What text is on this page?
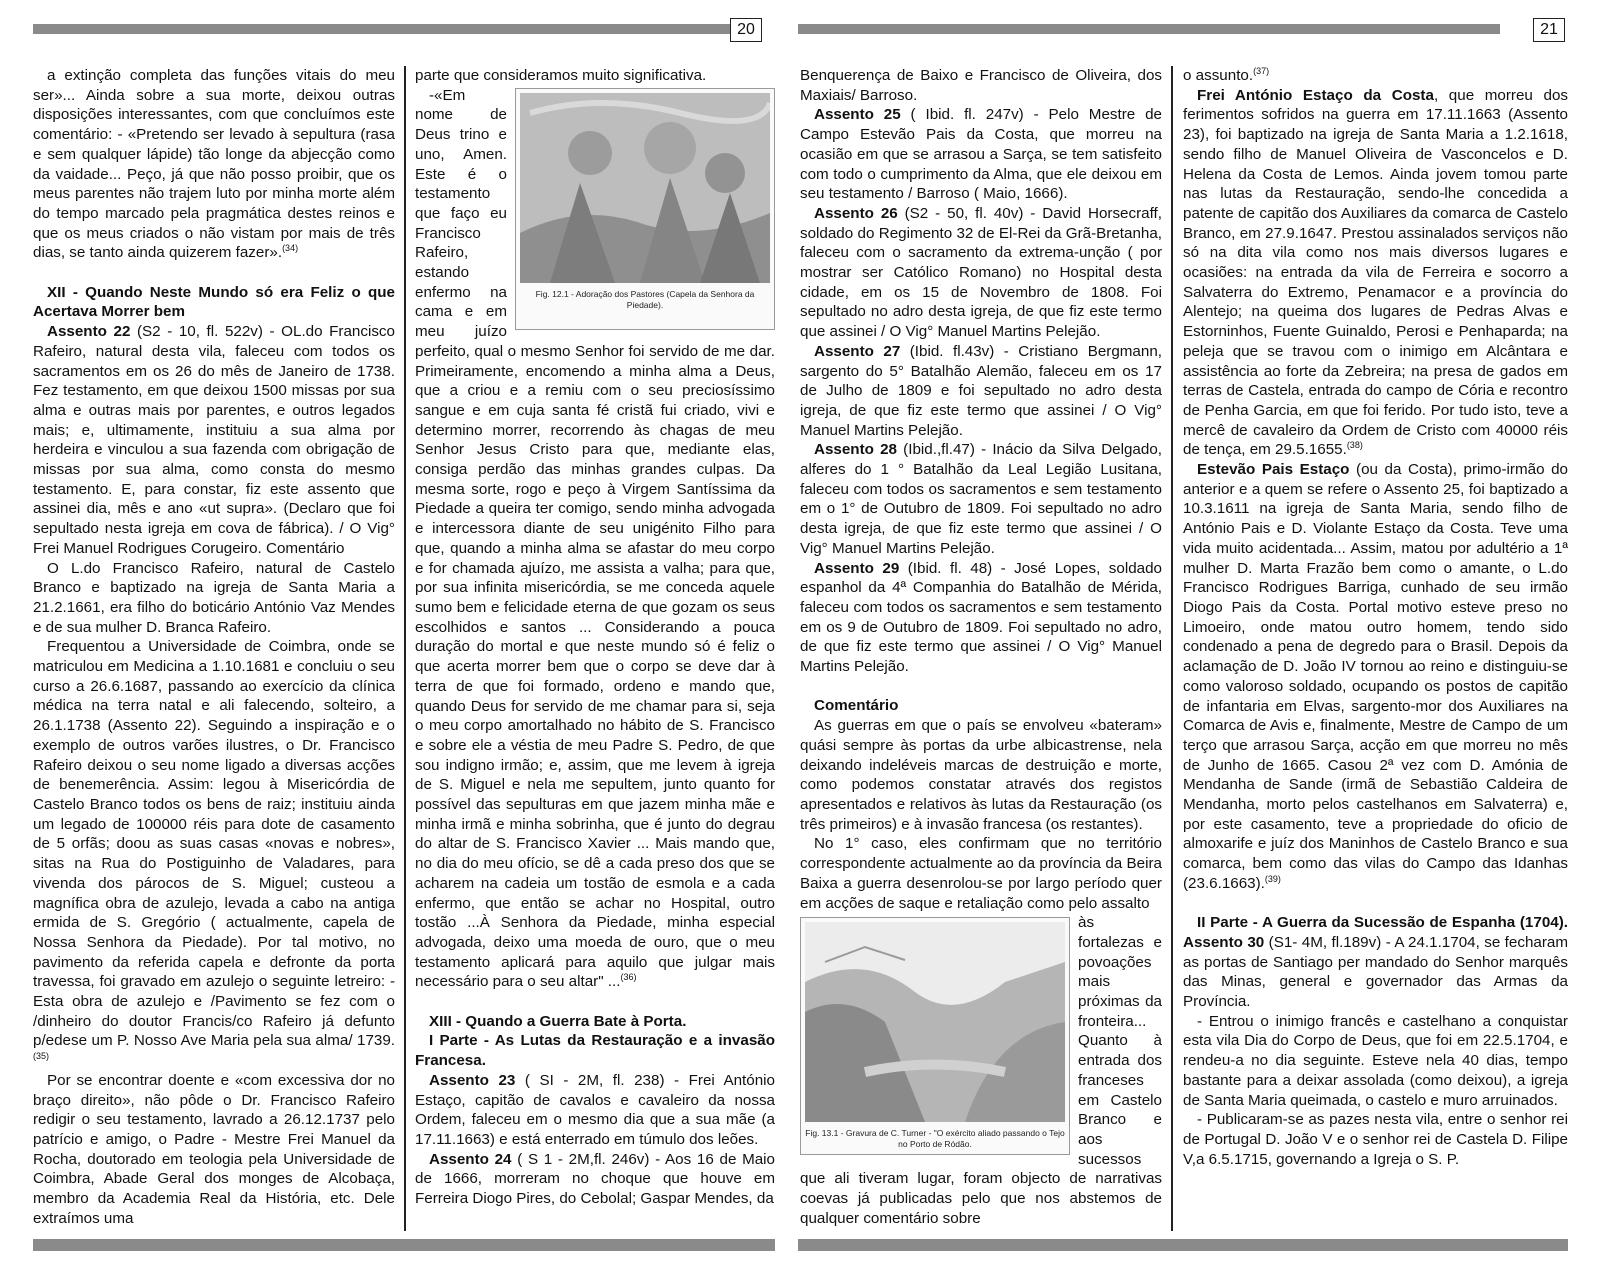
20

a extinção completa das funções vitais do meu ser»... Ainda sobre a sua morte, deixou outras disposições interessantes, com que concluímos este comentário: - «Pretendo ser levado à sepultura (rasa e sem qualquer lápide) tão longe da abjecção como da vaidade... Peço, já que não posso proibir, que os meus parentes não trajem luto por minha morte além do tempo marcado pela pragmática destes reinos e que os meus criados o não vistam por mais de três dias, se tanto ainda quizerem fazer».$^{(34)}$

XII - Quando Neste Mundo só era Feliz o que Acertava Morrer bem

Assento 22 (S2 - 10, fl. 522v) - OL.do Francisco Rafeiro, natural desta vila, faleceu com todos os sacramentos em os 26 do mês de Janeiro de 1738. Fez testamento, em que deixou 1500 missas por sua alma e outras mais por parentes, e outros legados mais; e, ultimamente, instituiu a sua alma por herdeira e vinculou a sua fazenda com obrigação de missas por sua alma, como consta do mesmo testamento. E, para constar, fiz este assento que assinei dia, mês e ano «ut supra». (Declaro que foi sepultado nesta igreja em cova de fábrica). / O Vig° Frei Manuel Rodrigues Corugeiro. Comentário

O L.do Francisco Rafeiro, natural de Castelo Branco e baptizado na igreja de Santa Maria a 21.2.1661, era filho do boticário António Vaz Mendes e de sua mulher D. Branca Rafeiro.

Frequentou a Universidade de Coimbra, onde se matriculou em Medicina a 1.10.1681 e concluiu o seu curso a 26.6.1687, passando ao exercício da clínica médica na terra natal e ali falecendo, solteiro, a 26.1.1738 (Assento 22). Seguindo a inspiração e o exemplo de outros varões ilustres, o Dr. Francisco Rafeiro deixou o seu nome ligado a diversas acções de benemerência. Assim: legou à Misericórdia de Castelo Branco todos os bens de raiz; instituiu ainda um legado de 100000 réis para dote de casamento de 5 orfãs; doou as suas casas «novas e nobres», sitas na Rua do Postiguinho de Valadares, para vivenda dos párocos de S. Miguel; custeou a magnífica obra de azulejo, levada a cabo na antiga ermida de S. Gregório ( actualmente, capela de Nossa Senhora da Piedade). Por tal motivo, no pavimento da referida capela e defronte da porta travessa, foi gravado em azulejo o seguinte letreiro: - Esta obra de azulejo e /Pavimento se fez com o /dinheiro do doutor Francis/co Rafeiro já defunto p/edese um P. Nosso Ave Maria pela sua alma/ 1739.$^{(35)}$

Por se encontrar doente e «com excessiva dor no braço direito», não pôde o Dr. Francisco Rafeiro redigir o seu testamento, lavrado a 26.12.1737 pelo patrício e amigo, o Padre - Mestre Frei Manuel da Rocha, doutorado em teologia pela Universidade de Coimbra, Abade Geral dos monges de Alcobaça, membro da Academia Real da História, etc. Dele extraímos uma

parte que consideramos muito significativa.

Fig. 12.1 - Adoração dos Pastores (Capela da Senhora da Piedade).

-«Em nome de Deus trino e uno, Amen. Este é o testamento que faço eu Francisco Rafeiro, estando enfermo na cama e em meu juízo perfeito, qual o mesmo Senhor foi servido de me dar. Primeiramente, encomendo a minha alma a Deus, que a criou e a remiu com o seu preciosíssimo sangue e em cuja santa fé cristã fui criado, vivi e determino morrer, recorrendo às chagas de meu Senhor Jesus Cristo para que, mediante elas, consiga perdão das minhas grandes culpas. Da mesma sorte, rogo e peço à Virgem Santíssima da Piedade a queira ter comigo, sendo minha advogada e intercessora diante de seu unigénito Filho para que, quando a minha alma se afastar do meu corpo e for chamada ajuízo, me assista a valha; para que, por sua infinita misericórdia, se me conceda aquele sumo bem e felicidade eterna de que gozam os seus escolhidos e santos ... Considerando a pouca duração do mortal e que neste mundo só é feliz o que acerta morrer bem que o corpo se deve dar à terra de que foi formado, ordeno e mando que, quando Deus for servido de me chamar para si, seja o meu corpo amortalhado no hábito de S. Francisco e sobre ele a véstia de meu Padre S. Pedro, de que sou indigno irmão; e, assim, que me levem à igreja de S. Miguel e nela me sepultem, junto quanto for possível das sepulturas em que jazem minha mãe e minha irmã e minha sobrinha, que é junto do degrau do altar de S. Francisco Xavier ... Mais mando que, no dia do meu ofício, se dê a cada preso dos que se acharem na cadeia um tostão de esmola e a cada enfermo, que então se achar no Hospital, outro tostão ...À Senhora da Piedade, minha especial advogada, deixo uma moeda de ouro, que o meu testamento aplicará para aquilo que julgar mais necessário para o seu altar" ...$^{(36)}$

XIII - Quando a Guerra Bate à Porta.
I Parte - As Lutas da Restauração e a invasão Francesa.

Assento 23 ( SI - 2M, fl. 238) - Frei António Estaço, capitão de cavalos e cavaleiro da nossa Ordem, faleceu em o mesmo dia que a sua mãe (a 17.11.1663) e está enterrado em túmulo dos leões.

Assento 24 ( S 1 - 2M,fl. 246v) - Aos 16 de Maio de 1666, morreram no choque que houve em Ferreira Diogo Pires, do Cebolal; Gaspar Mendes, da

21

Benquerença de Baixo e Francisco de Oliveira, dos Maxiais/ Barroso.

Assento 25 ( Ibid. fl. 247v) - Pelo Mestre de Campo Estevão Pais da Costa, que morreu na ocasião em que se arrasou a Sarça, se tem satisfeito com todo o cumprimento da Alma, que ele deixou em seu testamento / Barroso ( Maio, 1666).

Assento 26 (S2 - 50, fl. 40v) - David Horsecraff, soldado do Regimento 32 de El-Rei da Grã-Bretanha, faleceu com o sacramento da extrema-unção ( por mostrar ser Católico Romano) no Hospital desta cidade, em os 15 de Novembro de 1808. Foi sepultado no adro desta igreja, de que fiz este termo que assinei / O Vig° Manuel Martins Pelejão.

Assento 27 (Ibid. fl.43v) - Cristiano Bergmann, sargento do 5° Batalhão Alemão, faleceu em os 17 de Julho de 1809 e foi sepultado no adro desta igreja, de que fiz este termo que assinei / O Vig° Manuel Martins Pelejão.

Assento 28 (Ibid.,fl.47) - Inácio da Silva Delgado, alferes do 1 ° Batalhão da Leal Legião Lusitana, faleceu com todos os sacramentos e sem testamento em o 1° de Outubro de 1809. Foi sepultado no adro desta igreja, de que fiz este termo que assinei / O Vig° Manuel Martins Pelejão.

Assento 29 (Ibid. fl. 48) - José Lopes, soldado espanhol da 4ª Companhia do Batalhão de Mérida, faleceu com todos os sacramentos e sem testamento em os 9 de Outubro de 1809. Foi sepultado no adro, de que fiz este termo que assinei / O Vig° Manuel Martins Pelejão.

Comentário

As guerras em que o país se envolveu «bateram» quási sempre às portas da urbe albicastrense, nela deixando indeléveis marcas de destruição e morte, como podemos constatar através dos registos apresentados e relativos às lutas da Restauração (os três primeiros) e à invasão francesa (os restantes).

No 1° caso, eles confirmam que no território correspondente actualmente ao da província da Beira Baixa a guerra desenrolou-se por largo período quer em acções de saque e retaliação como pelo assalto

Fig. 13.1 - Gravura de C. Turner - "O exército aliado passando o Tejo no Porto de Ródão.

às fortalezas e povoações mais próximas da fronteira... Quanto à entrada dos franceses em Castelo Branco e aos sucessos que ali tiveram lugar, foram objecto de narrativas coevas já publicadas pelo que nos abstemos de qualquer comentário sobre

o assunto.$^{(37)}$

Frei António Estaço da Costa, que morreu dos ferimentos sofridos na guerra em 17.11.1663 (Assento 23), foi baptizado na igreja de Santa Maria a 1.2.1618, sendo filho de Manuel Oliveira de Vasconcelos e D. Helena da Costa de Lemos. Ainda jovem tomou parte nas lutas da Restauração, sendo-lhe concedida a patente de capitão dos Auxiliares da comarca de Castelo Branco, em 27.9.1647. Prestou assinalados serviços não só na dita vila como nos mais diversos lugares e ocasiões: na entrada da vila de Ferreira e socorro a Salvaterra do Extremo, Penamacor e a província do Alentejo; na queima dos lugares de Pedras Alvas e Estorninhos, Fuente Guinaldo, Perosi e Penhaparda; na peleja que se travou com o inimigo em Alcântara e assistência ao forte da Zebreira; na presa de gados em terras de Castela, entrada do campo de Cória e recontro de Penha Garcia, em que foi ferido. Por tudo isto, teve a mercê de cavaleiro da Ordem de Cristo com 40000 réis de tença, em 29.5.1655.$^{(38)}$

Estevão Pais Estaço (ou da Costa), primo-irmão do anterior e a quem se refere o Assento 25, foi baptizado a 10.3.1611 na igreja de Santa Maria, sendo filho de António Pais e D. Violante Estaço da Costa. Teve uma vida muito acidentada... Assim, matou por adultério a 1ª mulher D. Marta Frazão bem como o amante, o L.do Francisco Rodrigues Barriga, cunhado de seu irmão Diogo Pais da Costa. Portal motivo esteve preso no Limoeiro, onde matou outro homem, tendo sido condenado a pena de degredo para o Brasil. Depois da aclamação de D. João IV tornou ao reino e distinguiu-se como valoroso soldado, ocupando os postos de capitão de infantaria em Elvas, sargento-mor dos Auxiliares na Comarca de Avis e, finalmente, Mestre de Campo de um terço que arrasou Sarça, acção em que morreu no mês de Junho de 1665. Casou 2ª vez com D. Amónia de Mendanha de Sande (irmã de Sebastião Caldeira de Mendanha, morto pelos castelhanos em Salvaterra) e, por este casamento, teve a propriedade do oficio de almoxarife e juíz dos Maninhos de Castelo Branco e sua comarca, bem como das vilas do Campo das Idanhas (23.6.1663).$^{(39)}$

II Parte - A Guerra da Sucessão de Espanha (1704). Assento 30 (S1- 4M, fl.189v) - A 24.1.1704, se fecharam as portas de Santiago per mandado do Senhor marquês das Minas, general e governador das Armas da Província.

- Entrou o inimigo francês e castelhano a conquistar esta vila Dia do Corpo de Deus, que foi em 22.5.1704, e rendeu-a no dia seguinte. Esteve nela 40 dias, tempo bastante para a deixar assolada (como deixou), a igreja de Santa Maria queimada, o castelo e muro arruinados.

- Publicaram-se as pazes nesta vila, entre o senhor rei de Portugal D. João V e o senhor rei de Castela D. Filipe V,a 6.5.1715, governando a Igreja o S. P.
